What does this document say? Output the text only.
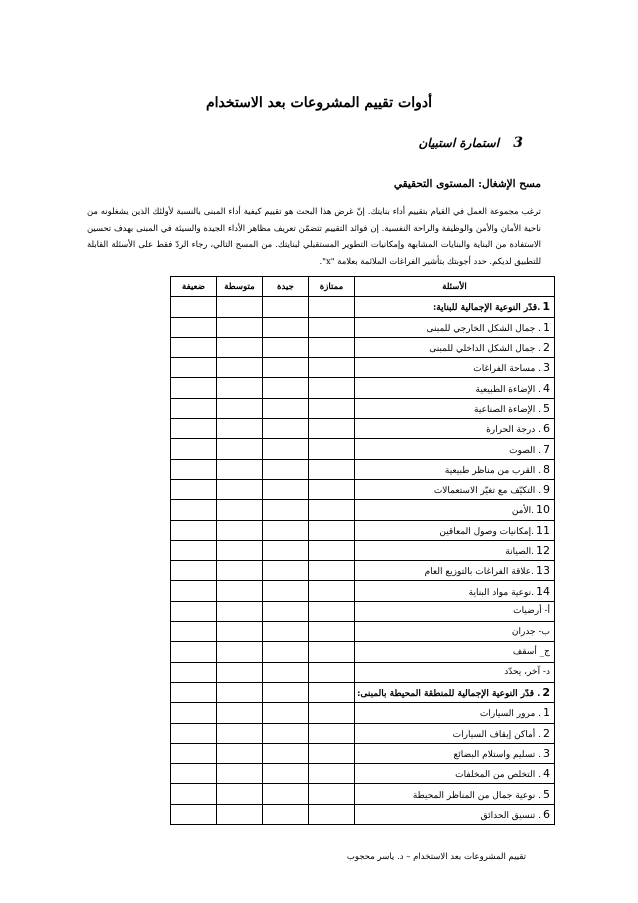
أدوات تقييم المشروعات بعد الاستخدام
3 استمارة استبيان
مسح الإشغال: المستوى التحقيقي

ترغب مجموعة العمل في القيام بتقييم أداء بنايتك. إنّ غرض هذا البحث هو تقييم كيفية أداء المبنى بالنسبة لأولئك الذين يشغلونه من ناحية الأمان والأمن والوظيفة والراحة النفسية. إن فوائد التقييم تتضمّن تعريف مظاهر الأداء الجيدة والسيئة في المبنى بهدف تحسين الاستفادة من البناية والبنايات المشابهة وإمكانيات التطوير المستقبلي لبنايتك. من المسح التالي، رجاء الردّ فقط على الأسئلة القابلة للتطبيق لديكم. حدد أجوبتك بتأشير الفراغات الملائمة بعلامة "x".

الأسئلة	ممتازة	جيدة	متوسطة	ضعيفة
1.قدّر النوعية الإجمالية للبناية:				
1. جمال الشكل الخارجي للمبنى				
2. جمال الشكل الداخلي للمبنى				
3. مساحة الفراغات				
4. الإضاءة الطبيعية				
5. الإضاءة الصناعية				
6. درجة الحرارة				
7. الصوت				
8. القرب من مناظر طبيعية				
9. التكيّف مع تغيّر الاستعمالات				
10.الأمن				
11.إمكانيات وصول المعاقين				
12.الصيانة				
13.علاقة الفراغات بالتوزيع العام				
14.نوعية مواد البناية				
أ- أرضيات				
ب- جدران				
ج_ أسقف				
د- آخر، يحدّد				
2. قدّر النوعية الإجمالية للمنطقة المحيطة بالمبنى:				
1. مرور السيارات				
2. أماكن إيقاف السيارات				
3. تسليم واستلام البضائع				
4. التخلص من المخلفات				
5. نوعية جمال من المناظر المحيطة				
6. تنسيق الحدائق				
تقييم المشروعات بعد الاستخدام – د. ياسر محجوب
